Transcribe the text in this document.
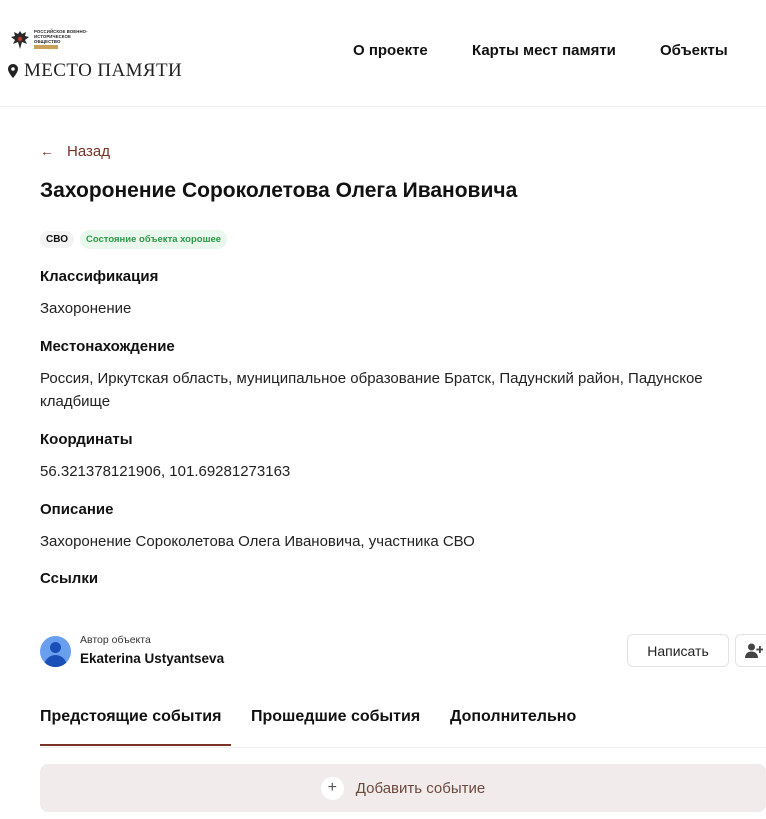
РОССИЙСКОЕ ВОЕННО-ИСТОРИЧЕСКОЕ ОБЩЕСТВО
МЕСТО ПАМЯТИ
О проекте	Карты мест памяти	Объекты
← Назад
Захоронение Сороколетова Олега Ивановича
СВО	Состояние объекта хорошее
Классификация
Захоронение
Местонахождение
Россия, Иркутская область, муниципальное образование Братск, Падунский район, Падунское кладбище
Координаты
56.321378121906, 101.69281273163
Описание
Захоронение Сороколетова Олега Ивановича, участника СВО
Ссылки
Автор объекта
Ekaterina Ustyantseva	Написать
Предстоящие события Прошедшие события Дополнительно
+	Добавить событие
